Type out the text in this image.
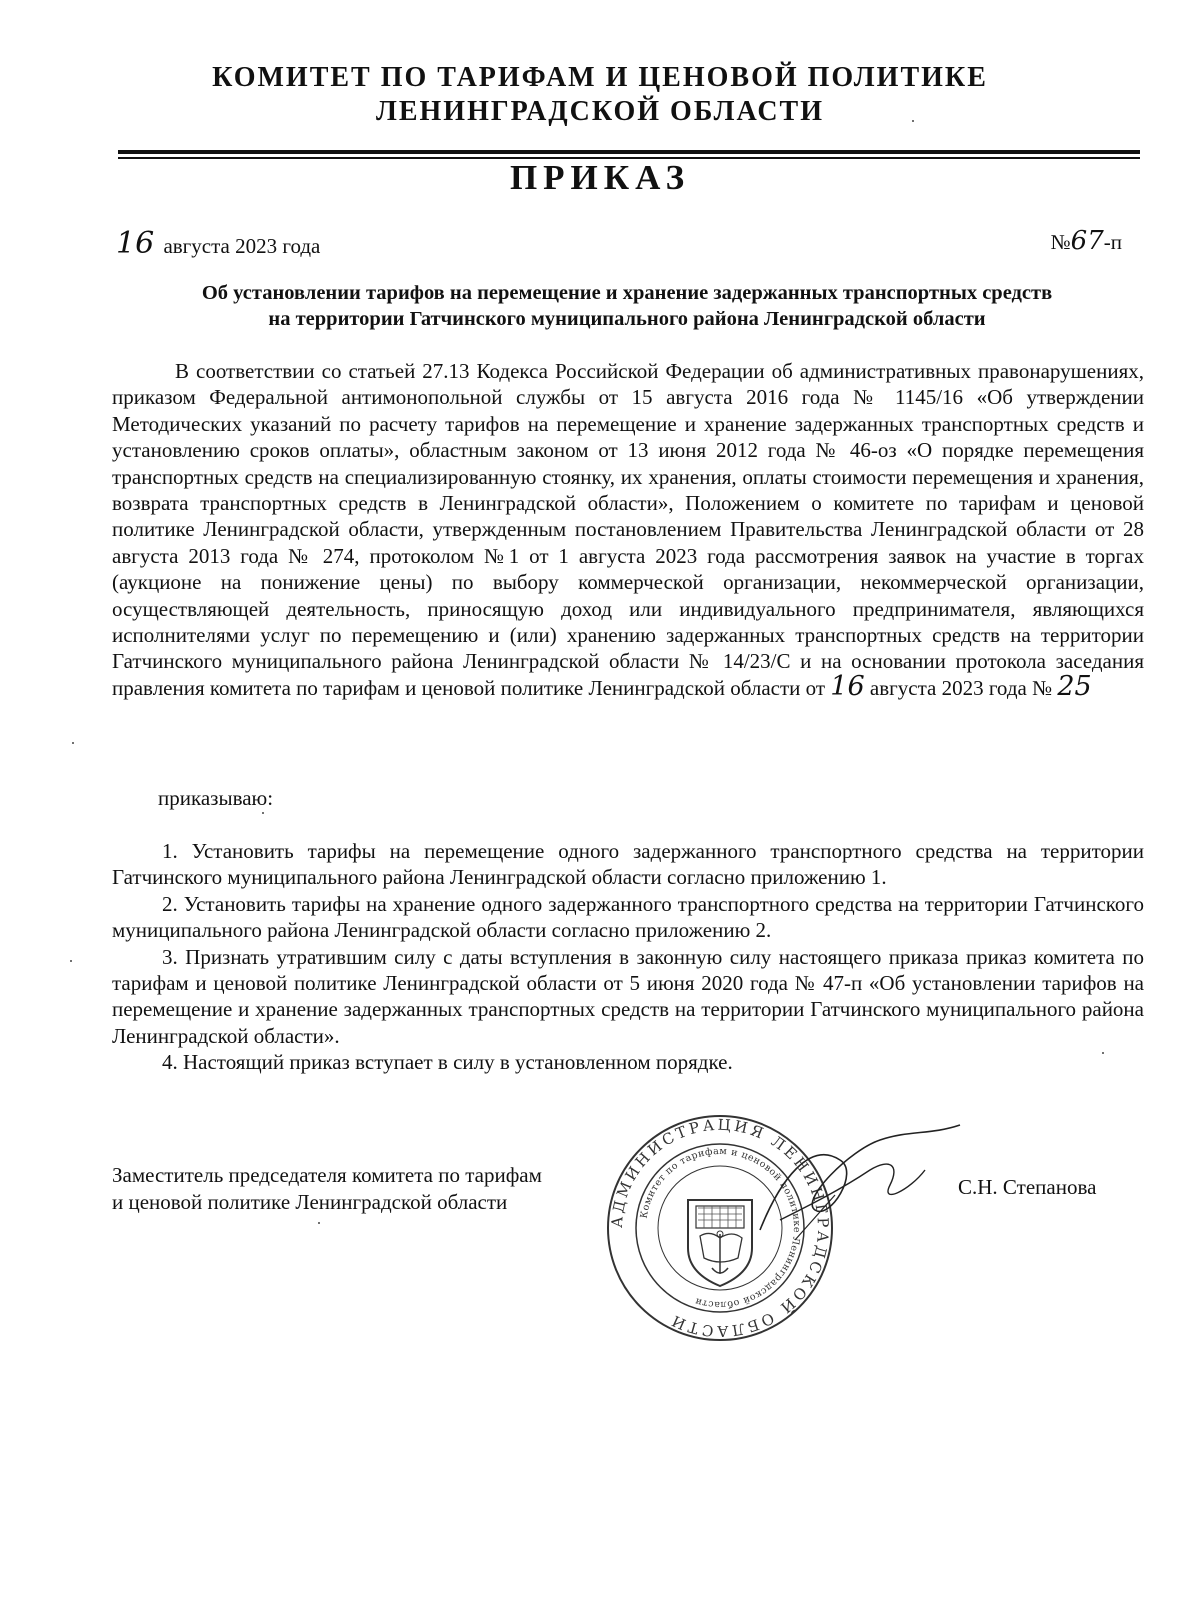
КОМИТЕТ ПО ТАРИФАМ И ЦЕНОВОЙ ПОЛИТИКЕ
ЛЕНИНГРАДСКОЙ ОБЛАСТИ
ПРИКАЗ
16 августа 2023 года	№67-п
Об установлении тарифов на перемещение и хранение задержанных транспортных средств
на территории Гатчинского муниципального района Ленинградской области
В соответствии со статьей 27.13 Кодекса Российской Федерации об административных правонарушениях, приказом Федеральной антимонопольной службы от 15 августа 2016 года № 1145/16 «Об утверждении Методических указаний по расчету тарифов на перемещение и хранение задержанных транспортных средств и установлению сроков оплаты», областным законом от 13 июня 2012 года № 46-оз «О порядке перемещения транспортных средств на специализированную стоянку, их хранения, оплаты стоимости перемещения и хранения, возврата транспортных средств в Ленинградской области», Положением о комитете по тарифам и ценовой политике Ленинградской области, утвержденным постановлением Правительства Ленинградской области от 28 августа 2013 года № 274, протоколом №1 от 1 августа 2023 года рассмотрения заявок на участие в торгах (аукционе на понижение цены) по выбору коммерческой организации, некоммерческой организации, осуществляющей деятельность, приносящую доход или индивидуального предпринимателя, являющихся исполнителями услуг по перемещению и (или) хранению задержанных транспортных средств на территории Гатчинского муниципального района Ленинградской области № 14/23/С и на основании протокола заседания правления комитета по тарифам и ценовой политике Ленинградской области от 16 августа 2023 года № 25
приказываю:

1. Установить тарифы на перемещение одного задержанного транспортного средства на территории Гатчинского муниципального района Ленинградской области согласно приложению 1.

2. Установить тарифы на хранение одного задержанного транспортного средства на территории Гатчинского муниципального района Ленинградской области согласно приложению 2.

3. Признать утратившим силу с даты вступления в законную силу настоящего приказа приказ комитета по тарифам и ценовой политике Ленинградской области от 5 июня 2020 года № 47-п «Об установлении тарифов на перемещение и хранение задержанных транспортных средств на территории Гатчинского муниципального района Ленинградской области».

4. Настоящий приказ вступает в силу в установленном порядке.

Заместитель председателя комитета по тарифам
и ценовой политике Ленинградской области
АДМИНИСТРАЦИЯ ЛЕНИНГРАДСКОЙ ОБЛАСТИ
Комитет по тарифам и ценовой политике Ленинградской области
С.Н. Степанова
